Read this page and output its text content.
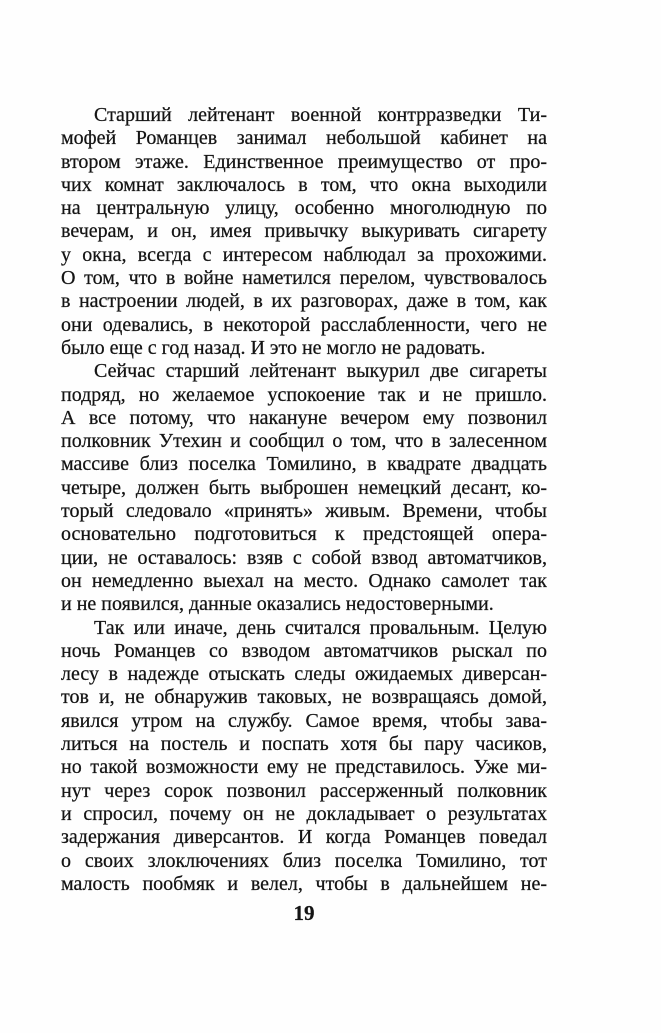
Старший лейтенант военной контрразведки Ти-
мофей Романцев занимал небольшой кабинет на
втором этаже. Единственное преимущество от про-
чих комнат заключалось в том, что окна выходили
на центральную улицу, особенно многолюдную по
вечерам, и он, имея привычку выкуривать сигарету
у окна, всегда с интересом наблюдал за прохожими.
О том, что в войне наметился перелом, чувствовалось
в настроении людей, в их разговорах, даже в том, как
они одевались, в некоторой расслабленности, чего не
было еще с год назад. И это не могло не радовать.
Сейчас старший лейтенант выкурил две сигареты
подряд, но желаемое успокоение так и не пришло.
А все потому, что накануне вечером ему позвонил
полковник Утехин и сообщил о том, что в залесенном
массиве близ поселка Томилино, в квадрате двадцать
четыре, должен быть выброшен немецкий десант, ко-
торый следовало «принять» живым. Времени, чтобы
основательно подготовиться к предстоящей опера-
ции, не оставалось: взяв с собой взвод автоматчиков,
он немедленно выехал на место. Однако самолет так
и не появился, данные оказались недостоверными.
Так или иначе, день считался провальным. Целую
ночь Романцев со взводом автоматчиков рыскал по
лесу в надежде отыскать следы ожидаемых диверсан-
тов и, не обнаружив таковых, не возвращаясь домой,
явился утром на службу. Самое время, чтобы зава-
литься на постель и поспать хотя бы пару часиков,
но такой возможности ему не представилось. Уже ми-
нут через сорок позвонил рассерженный полковник
и спросил, почему он не докладывает о результатах
задержания диверсантов. И когда Романцев поведал
о своих злоключениях близ поселка Томилино, тот
малость пообмяк и велел, чтобы в дальнейшем не-
19
